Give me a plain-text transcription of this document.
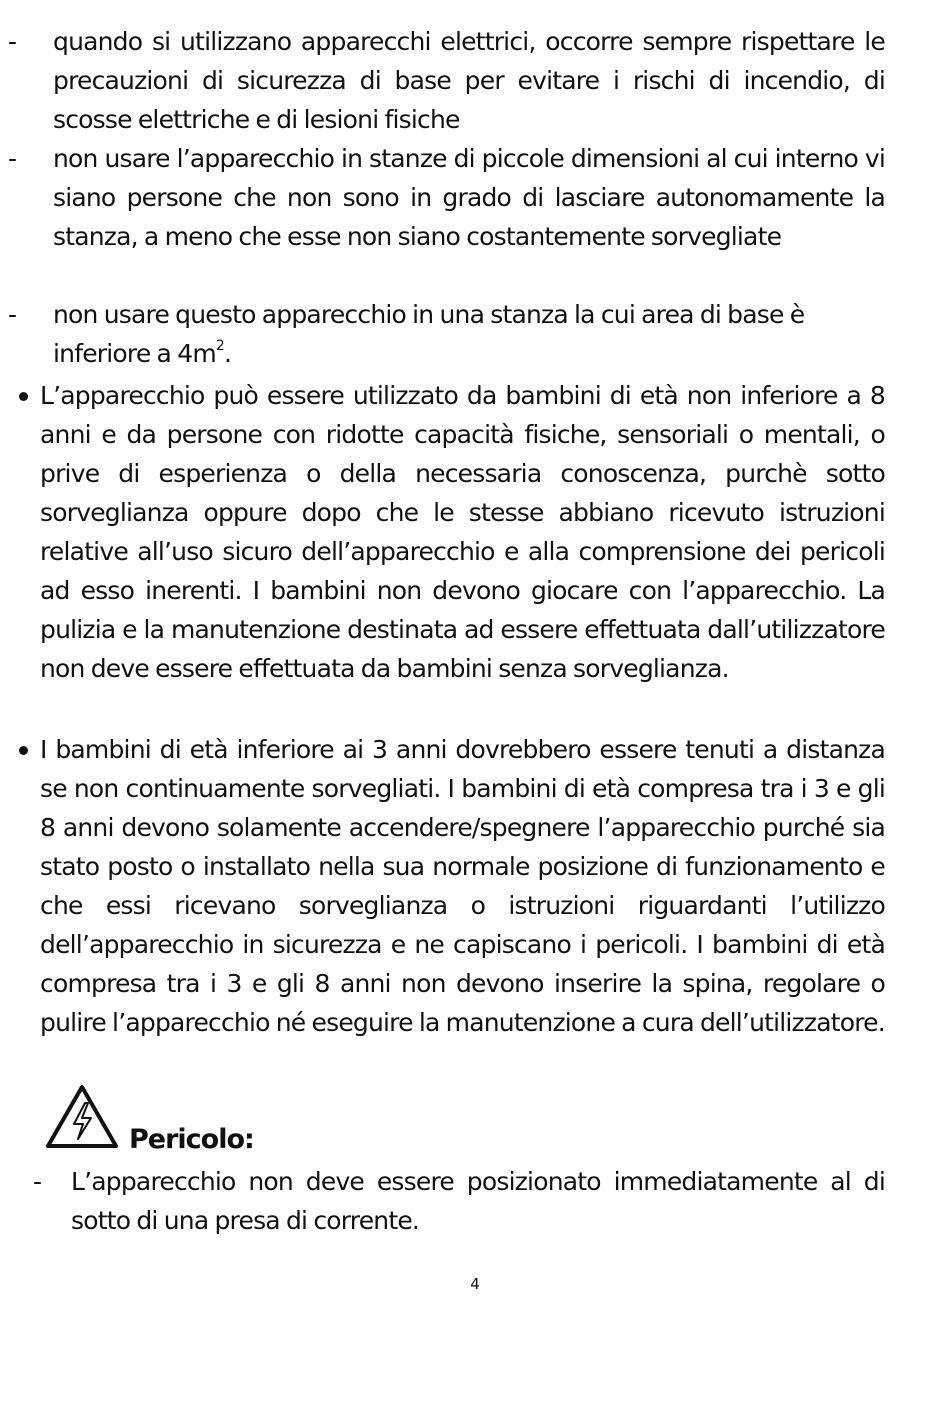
- quando si utilizzano apparecchi elettrici, occorre sempre rispettare le precauzioni di sicurezza di base per evitare i rischi di incendio, di scosse elettriche e di lesioni fisiche
- non usare l’apparecchio in stanze di piccole dimensioni al cui interno vi siano persone che non sono in grado di lasciare autonomamente la stanza, a meno che esse non siano costantemente sorvegliate
- non usare questo apparecchio in una stanza la cui area di base è inferiore a $4m^2$.
L’apparecchio può essere utilizzato da bambini di età non inferiore a 8 anni e da persone con ridotte capacità fisiche, sensoriali o mentali, o prive di esperienza o della necessaria conoscenza, purchè sotto sorveglianza oppure dopo che le stesse abbiano ricevuto istruzioni relative all’uso sicuro dell’apparecchio e alla comprensione dei pericoli ad esso inerenti. I bambini non devono giocare con l’apparecchio. La pulizia e la manutenzione destinata ad essere effettuata dall’utilizzatore non deve essere effettuata da bambini senza sorveglianza.
I bambini di età inferiore ai 3 anni dovrebbero essere tenuti a distanza se non continuamente sorvegliati. I bambini di età compresa tra i 3 e gli 8 anni devono solamente accendere/spegnere l’apparecchio purché sia stato posto o installato nella sua normale posizione di funzionamento e che essi ricevano sorveglianza o istruzioni riguardanti l’utilizzo dell’apparecchio in sicurezza e ne capiscano i pericoli. I bambini di età compresa tra i 3 e gli 8 anni non devono inserire la spina, regolare o pulire l’apparecchio né eseguire la manutenzione a cura dell’utilizzatore.
Pericolo:
- L’apparecchio non deve essere posizionato immediatamente al di sotto di una presa di corrente.
4
